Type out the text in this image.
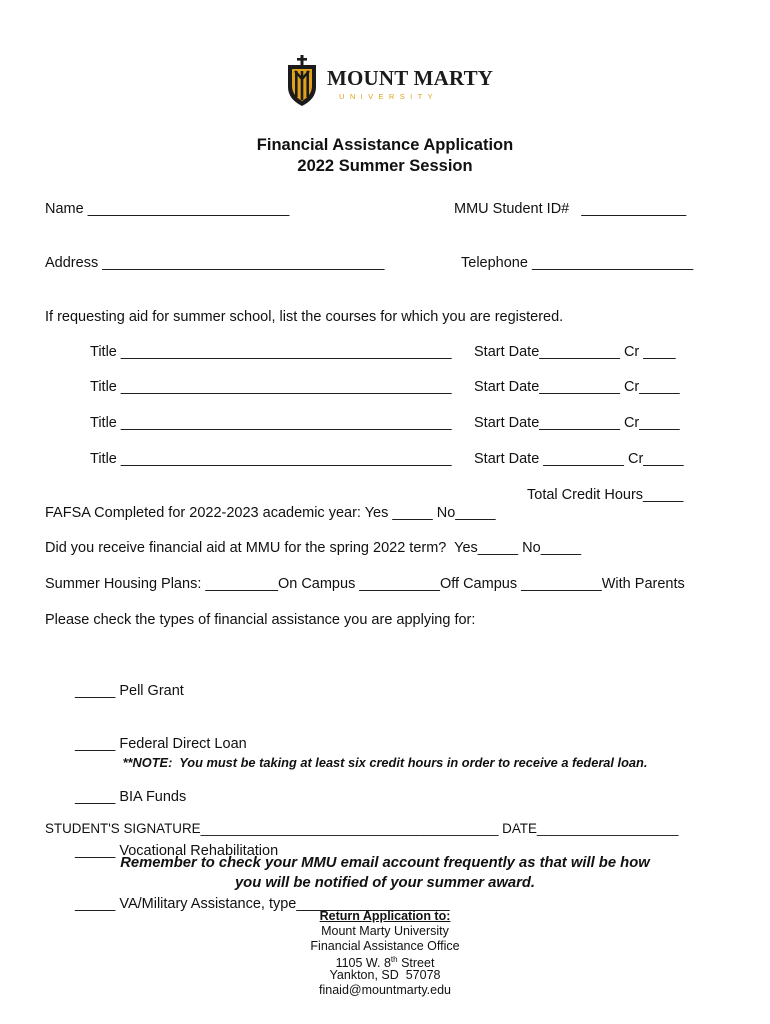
MOUNT MARTY
UNIVERSITY
Financial Assistance Application
2022 Summer Session
Name _________________________	MMU Student ID#   _____________
Address ___________________________________	Telephone ____________________
If requesting aid for summer school, list the courses for which you are registered.
Title _________________________________________ Start Date__________ Cr ____
Title _________________________________________ Start Date__________ Cr_____
Title _________________________________________ Start Date__________ Cr_____
Title _________________________________________ Start Date __________ Cr_____
Total Credit Hours_____
FAFSA Completed for 2022-2023 academic year: Yes _____ No_____
Did you receive financial aid at MMU for the spring 2022 term?  Yes_____ No_____
Summer Housing Plans: _________On Campus __________Off Campus __________With Parents
Please check the types of financial assistance you are applying for:

_____ Pell Grant

_____ Federal Direct Loan

_____ BIA Funds

_____ Vocational Rehabilitation

_____ VA/Military Assistance, type___________________

**NOTE:  You must be taking at least six credit hours in order to receive a federal loan.
STUDENT'S SIGNATURE________________________________________ DATE___________________
Remember to check your MMU email account frequently as that will be how
you will be notified of your summer award.
Return Application to:
Mount Marty University
Financial Assistance Office
1105 W. 8th Street
Yankton, SD  57078
finaid@mountmarty.edu
